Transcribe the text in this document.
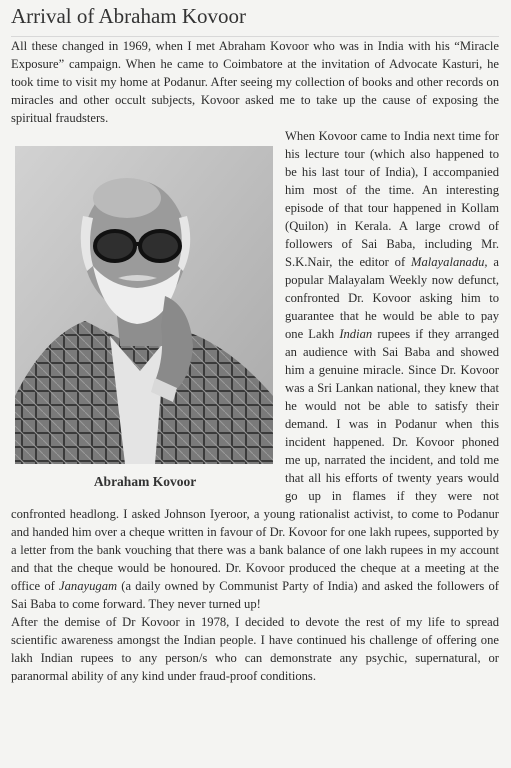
Arrival of Abraham Kovoor

All these changed in 1969, when I met Abraham Kovoor who was in India with his “Miracle Exposure” campaign. When he came to Coimbatore at the invitation of Advocate Kasturi, he took time to visit my home at Podanur. After seeing my collection of books and other records on miracles and other occult subjects, Kovoor asked me to take up the cause of exposing the spiritual fraudsters.

Abraham Kovoor

When Kovoor came to India next time for his lecture tour (which also happened to be his last tour of India), I accompanied him most of the time. An interesting episode of that tour happened in Kollam (Quilon) in Kerala. A large crowd of followers of Sai Baba, including Mr. S.K.Nair, the editor of Malayalanadu, a popular Malayalam Weekly now defunct, confronted Dr. Kovoor asking him to guarantee that he would be able to pay one Lakh Indian rupees if they arranged an audience with Sai Baba and showed him a genuine miracle. Since Dr. Kovoor was a Sri Lankan national, they knew that he would not be able to satisfy their demand. I was in Podanur when this incident happened. Dr. Kovoor phoned me up, narrated the incident, and told me that all his efforts of twenty years would go up in flames if they were not confronted headlong. I asked Johnson Iyeroor, a young rationalist activist, to come to Podanur and handed him over a cheque written in favour of Dr. Kovoor for one lakh rupees, supported by a letter from the bank vouching that there was a bank balance of one lakh rupees in my account and that the cheque would be honoured. Dr. Kovoor produced the cheque at a meeting at the office of Janayugam (a daily owned by Communist Party of India) and asked the followers of Sai Baba to come forward. They never turned up!

After the demise of Dr Kovoor in 1978, I decided to devote the rest of my life to spread scientific awareness amongst the Indian people. I have continued his challenge of offering one lakh Indian rupees to any person/s who can demonstrate any psychic, supernatural, or paranormal ability of any kind under fraud-proof conditions.
